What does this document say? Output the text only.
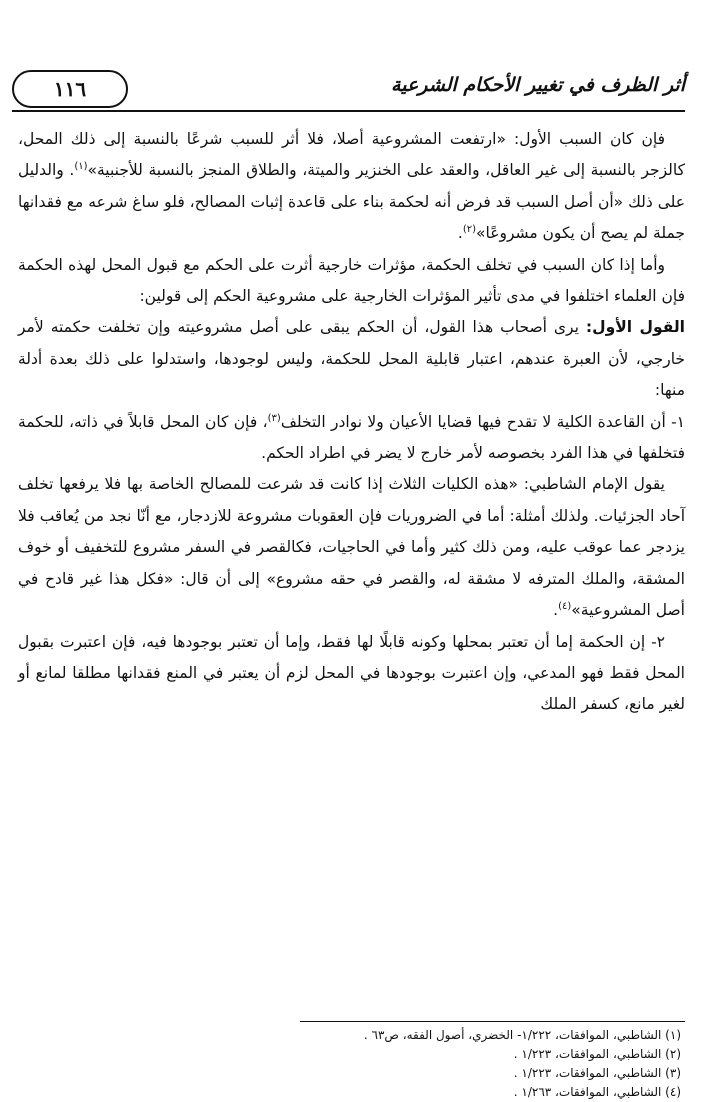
١١٦	أثر الظرف في تغيير الأحكام الشرعية

فإن كان السبب الأول: «ارتفعت المشروعية أصلا، فلا أثر للسبب شرعًا بالنسبة إلى ذلك المحل، كالزجر بالنسبة إلى غير العاقل، والعقد على الخنزير والميتة، والطلاق المنجز بالنسبة للأجنبية»$^{(١)}$. والدليل على ذلك «أن أصل السبب قد فرض أنه لحكمة بناء على قاعدة إثبات المصالح، فلو ساغ شرعه مع فقدانها جملة لم يصح أن يكون مشروعًا»$^{(٢)}$.

وأما إذا كان السبب في تخلف الحكمة، مؤثرات خارجية أثرت على الحكم مع قبول المحل لهذه الحكمة فإن العلماء اختلفوا في مدى تأثير المؤثرات الخارجية على مشروعية الحكم إلى قولين:

القول الأول: يرى أصحاب هذا القول، أن الحكم يبقى على أصل مشروعيته وإن تخلفت حكمته لأمر خارجي، لأن العبرة عندهم، اعتبار قابلية المحل للحكمة، وليس لوجودها، واستدلوا على ذلك بعدة أدلة منها:

١- أن القاعدة الكلية لا تقدح فيها قضايا الأعيان ولا نوادر التخلف$^{(٣)}$، فإن كان المحل قابلاً في ذاته، للحكمة فتخلفها في هذا الفرد بخصوصه لأمر خارج لا يضر في اطراد الحكم.

يقول الإمام الشاطبي: «هذه الكليات الثلاث إذا كانت قد شرعت للمصالح الخاصة بها فلا يرفعها تخلف آحاد الجزئيات. ولذلك أمثلة: أما في الضروريات فإن العقوبات مشروعة للازدجار، مع أنّا نجد من يُعاقب فلا يزدجر عما عوقب عليه، ومن ذلك كثير وأما في الحاجيات، فكالقصر في السفر مشروع للتخفيف أو خوف المشقة، والملك المترفه لا مشقة له، والقصر في حقه مشروع» إلى أن قال: «فكل هذا غير قادح في أصل المشروعية»$^{(٤)}$.

٢- إن الحكمة إما أن تعتبر بمحلها وكونه قابلًا لها فقط، وإما أن تعتبر بوجودها فيه، فإن اعتبرت بقبول المحل فقط فهو المدعي، وإن اعتبرت بوجودها في المحل لزم أن يعتبر في المنع فقدانها مطلقا لمانع أو لغير مانع، كسفر الملك

(١) الشاطبي، الموافقات، ١/٢٢٢- الخضري، أصول الفقه، ص٦٣ .
(٢) الشاطبي، الموافقات، ١/٢٢٣ .
(٣) الشاطبي، الموافقات، ١/٢٢٣ .
(٤) الشاطبي، الموافقات، ١/٢٦٣ .
